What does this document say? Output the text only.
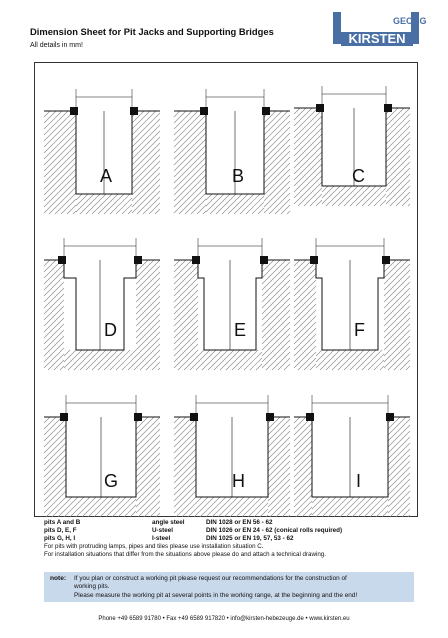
Dimension Sheet for Pit Jacks and Supporting Bridges
All details in mm!
GEORG
KIRSTEN
A	B	C
D	E	F
G	H	I
pits A and B	angle steel	DIN 1028 or EN 56 - 62
pits D, E, F	U-steel	DIN 1026 or EN 24 - 62 (conical rolls required)
pits G, H, I	I-steel	DIN 1025 or EN 19, 57, 53 - 62
For pits with protruding lamps, pipes and tiles please use installation situation C.
For installation situations that differ from the situations above please do and attach a technical drawing.
note: If you plan or construct a working pit please request our recommendations for the construction of
working pits.
Please measure the working pit at several points in the working range, at the beginning and the end!
Phone +49 6589 91780 • Fax +49 6589 917820 • info@kirsten-hebezeuge.de • www.kirsten.eu
